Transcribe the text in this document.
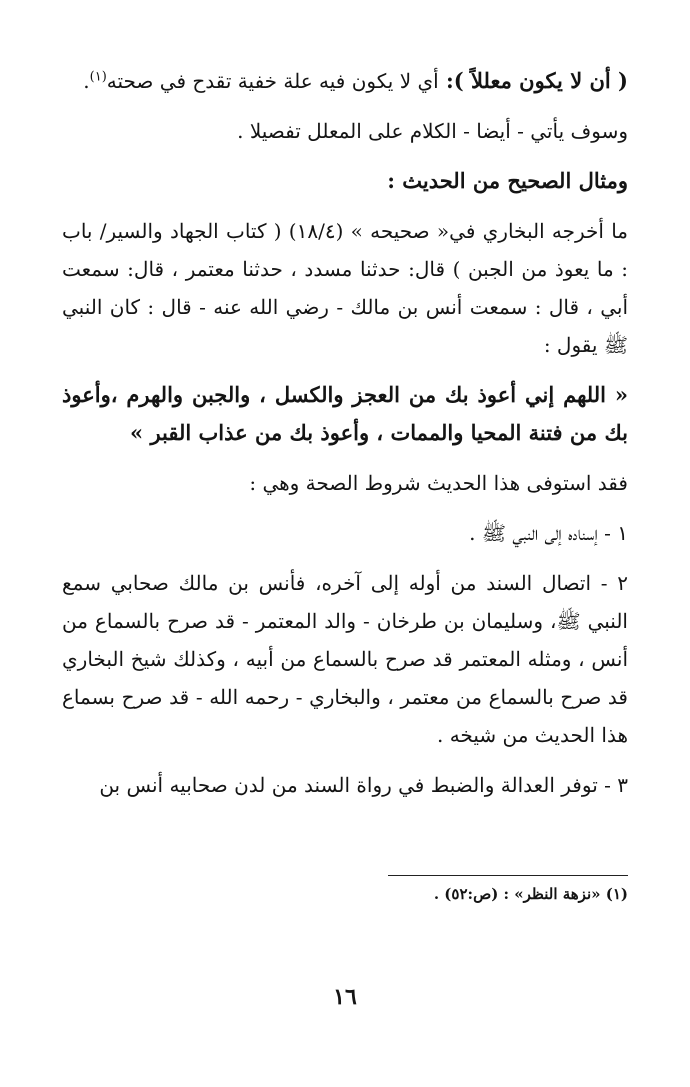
( أن لا يكون معللاً ): أي لا يكون فيه علة خفية تقدح في صحته$^{(١)}$.

وسوف يأتي - أيضا - الكلام على المعلل تفصيلا .

ومثال الصحيح من الحديث :

ما أخرجه البخاري في« صحيحه » (١٨/٤) ( كتاب الجهاد والسير/ باب : ما يعوذ من الجبن ) قال: حدثنا مسدد ، حدثنا معتمر ، قال: سمعت أبي ، قال : سمعت أنس بن مالك - رضي الله عنه - قال : كان النبي ﷺ يقول :

« اللهم إني أعوذ بك من العجز والكسل ، والجبن والهرم ،وأعوذ بك من فتنة المحيا والممات ، وأعوذ بك من عذاب القبر »

فقد استوفى هذا الحديث شروط الصحة وهي :

١ - إسناده إلى النبي ﷺ .

٢ - اتصال السند من أوله إلى آخره، فأنس بن مالك صحابي سمع النبي ﷺ، وسليمان بن طرخان - والد المعتمر - قد صرح بالسماع من أنس ، ومثله المعتمر قد صرح بالسماع من أبيه ، وكذلك شيخ البخاري قد صرح بالسماع من معتمر ، والبخاري - رحمه الله - قد صرح بسماع هذا الحديث من شيخه .

٣ - توفر العدالة والضبط في رواة السند من لدن صحابيه أنس بن

(١) «نزهة النظر» : (ص:٥٢) .
١٦
